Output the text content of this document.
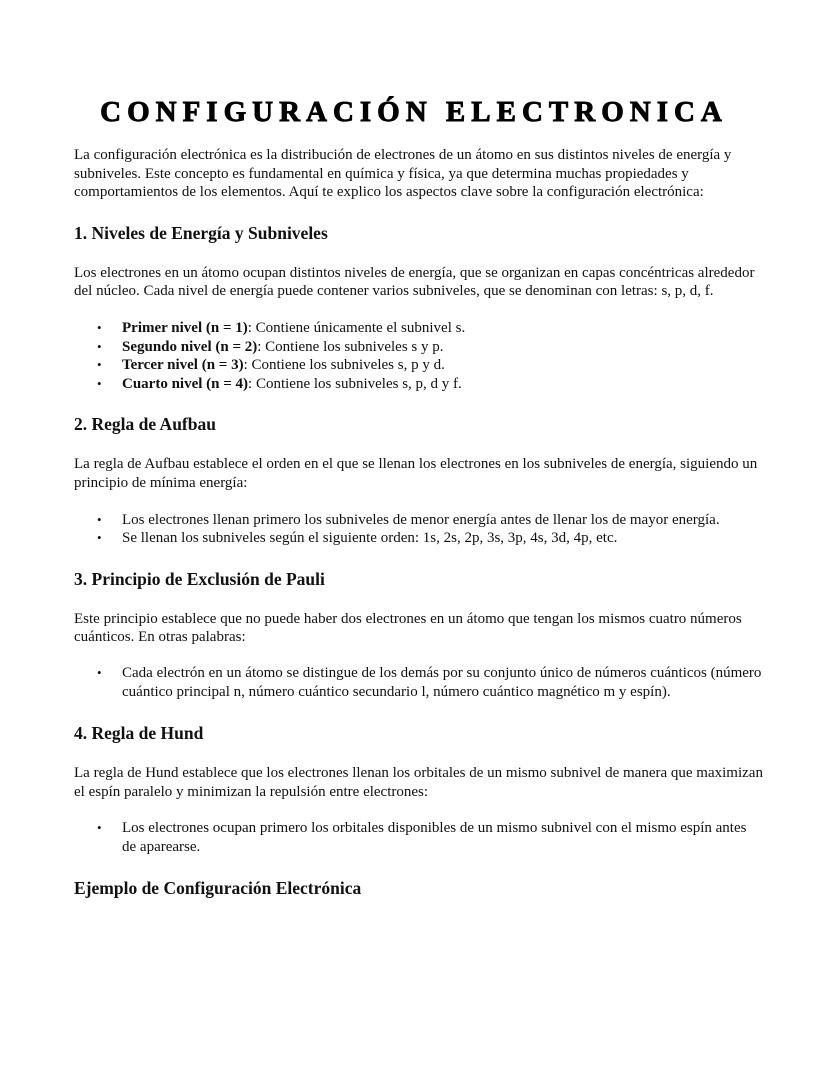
CONFIGURACIÓN ELECTRONICA

La configuración electrónica es la distribución de electrones de un átomo en sus distintos niveles de energía y subniveles. Este concepto es fundamental en química y física, ya que determina muchas propiedades y comportamientos de los elementos. Aquí te explico los aspectos clave sobre la configuración electrónica:

1. Niveles de Energía y Subniveles

Los electrones en un átomo ocupan distintos niveles de energía, que se organizan en capas concéntricas alrededor del núcleo. Cada nivel de energía puede contener varios subniveles, que se denominan con letras: s, p, d, f.

• Primer nivel (n = 1): Contiene únicamente el subnivel s.
• Segundo nivel (n = 2): Contiene los subniveles s y p.
• Tercer nivel (n = 3): Contiene los subniveles s, p y d.
• Cuarto nivel (n = 4): Contiene los subniveles s, p, d y f.
2. Regla de Aufbau

La regla de Aufbau establece el orden en el que se llenan los electrones en los subniveles de energía, siguiendo un principio de mínima energía:

• Los electrones llenan primero los subniveles de menor energía antes de llenar los de mayor energía.
• Se llenan los subniveles según el siguiente orden: 1s, 2s, 2p, 3s, 3p, 4s, 3d, 4p, etc.
3. Principio de Exclusión de Pauli

Este principio establece que no puede haber dos electrones en un átomo que tengan los mismos cuatro números cuánticos. En otras palabras:

• Cada electrón en un átomo se distingue de los demás por su conjunto único de números cuánticos (número cuántico principal n, número cuántico secundario l, número cuántico magnético m y espín).
4. Regla de Hund

La regla de Hund establece que los electrones llenan los orbitales de un mismo subnivel de manera que maximizan el espín paralelo y minimizan la repulsión entre electrones:

• Los electrones ocupan primero los orbitales disponibles de un mismo subnivel con el mismo espín antes de aparearse.
Ejemplo de Configuración Electrónica
